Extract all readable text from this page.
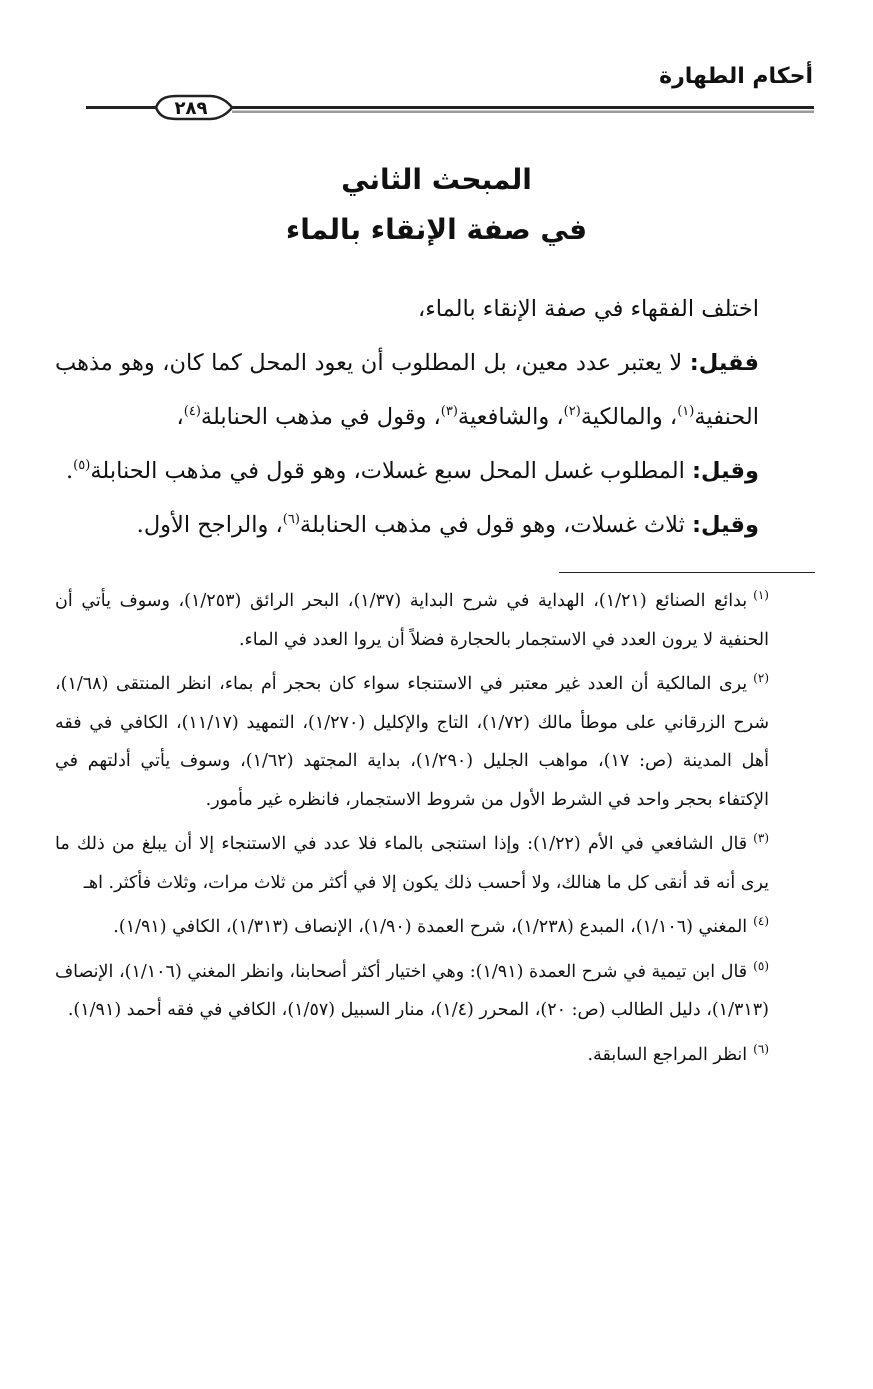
أحكام الطهارة
٢٨٩
المبحث الثاني
في صفة الإنقاء بالماء

اختلف الفقهاء في صفة الإنقاء بالماء،

فقيل: لا يعتبر عدد معين، بل المطلوب أن يعود المحل كما كان، وهو مذهب الحنفية$^{(١)}$، والمالكية$^{(٢)}$، والشافعية$^{(٣)}$، وقول في مذهب الحنابلة$^{(٤)}$،

وقيل: المطلوب غسل المحل سبع غسلات، وهو قول في مذهب الحنابلة$^{(٥)}$.

وقيل: ثلاث غسلات، وهو قول في مذهب الحنابلة$^{(٦)}$، والراجح الأول.

$^{(١)}$بدائع الصنائع (١/٢١)، الهداية في شرح البداية (١/٣٧)، البحر الرائق (١/٢٥٣)، وسوف يأتي أن الحنفية لا يرون العدد في الاستجمار بالحجارة فضلاً أن يروا العدد في الماء.

$^{(٢)}$يرى المالكية أن العدد غير معتبر في الاستنجاء سواء كان بحجر أم بماء، انظر المنتقى (١/٦٨)، شرح الزرقاني على موطأ مالك (١/٧٢)، التاج والإكليل (١/٢٧٠)، التمهيد (١١/١٧)، الكافي في فقه أهل المدينة (ص: ١٧)، مواهب الجليل (١/٢٩٠)، بداية المجتهد (١/٦٢)، وسوف يأتي أدلتهم في الإكتفاء بحجر واحد في الشرط الأول من شروط الاستجمار، فانظره غير مأمور.

$^{(٣)}$قال الشافعي في الأم (١/٢٢): وإذا استنجى بالماء فلا عدد في الاستنجاء إلا أن يبلغ من ذلك ما يرى أنه قد أنقى كل ما هنالك، ولا أحسب ذلك يكون إلا في أكثر من ثلاث مرات، وثلاث فأكثر. اهـ

$^{(٤)}$المغني (١/١٠٦)، المبدع (١/٢٣٨)، شرح العمدة (١/٩٠)، الإنصاف (١/٣١٣)، الكافي (١/٩١).

$^{(٥)}$قال ابن تيمية في شرح العمدة (١/٩١): وهي اختيار أكثر أصحابنا، وانظر المغني (١/١٠٦)، الإنصاف (١/٣١٣)، دليل الطالب (ص: ٢٠)، المحرر (١/٤)، منار السبيل (١/٥٧)، الكافي في فقه أحمد (١/٩١).

$^{(٦)}$انظر المراجع السابقة.
